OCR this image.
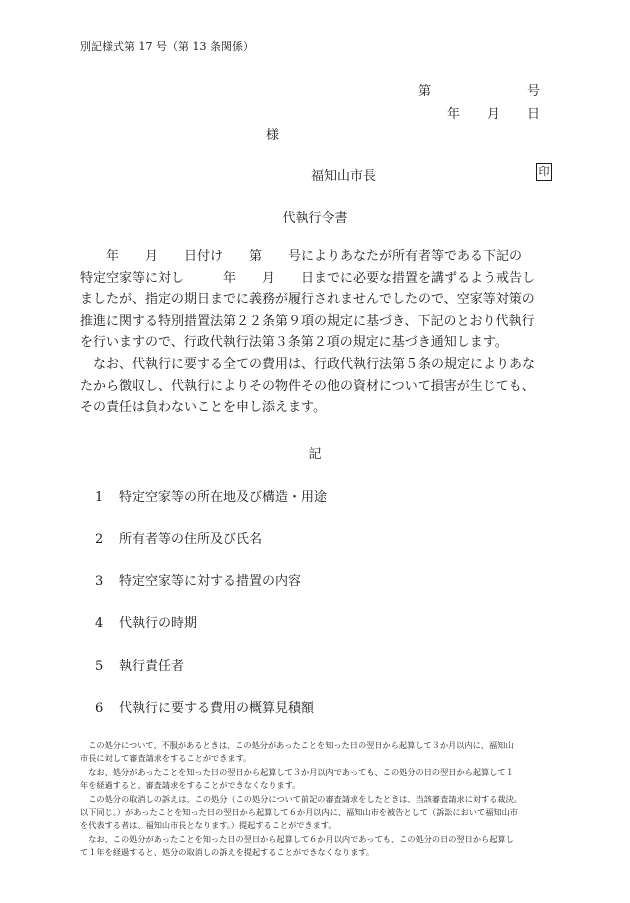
別記様式第 17 号（第 13 条関係）
第	号
年 月 日
様
福知山市長	印
代執行令書

　　年　　月　　日付け　　第　　号によりあなたが所有者等である下記の

特定空家等に対し　　　年　　月　　日までに必要な措置を講ずるよう戒告し

ましたが、指定の期日までに義務が履行されませんでしたので、空家等対策の

推進に関する特別措置法第２２条第９項の規定に基づき、下記のとおり代執行

を行いますので、行政代執行法第３条第２項の規定に基づき通知します。

　なお、代執行に要する全ての費用は、行政代執行法第５条の規定によりあな

たから徴収し、代執行によりその物件その他の資材について損害が生じても、

その責任は負わないことを申し添えます。

記
1 特定空家等の所在地及び構造・用途
2 所有者等の住所及び氏名
3 特定空家等に対する措置の内容
4 代執行の時期
5 執行責任者
6 代執行に要する費用の概算見積額

　この処分について、不服があるときは、この処分があったことを知った日の翌日から起算して３か月以内に、福知山

市長に対して審査請求をすることができます。

　なお、処分があったことを知った日の翌日から起算して３か月以内であっても、この処分の日の翌日から起算して１

年を経過すると、審査請求をすることができなくなります。

　この処分の取消しの訴えは、この処分（この処分について前記の審査請求をしたときは、当該審査請求に対する裁決。

以下同じ。）があったことを知った日の翌日から起算して６か月以内に、福知山市を被告として（訴訟において福知山市

を代表する者は、福知山市長となります。）提起することができます。

　なお、この処分があったことを知った日の翌日から起算して６か月以内であっても、この処分の日の翌日から起算し

て１年を経過すると、処分の取消しの訴えを提起することができなくなります。
